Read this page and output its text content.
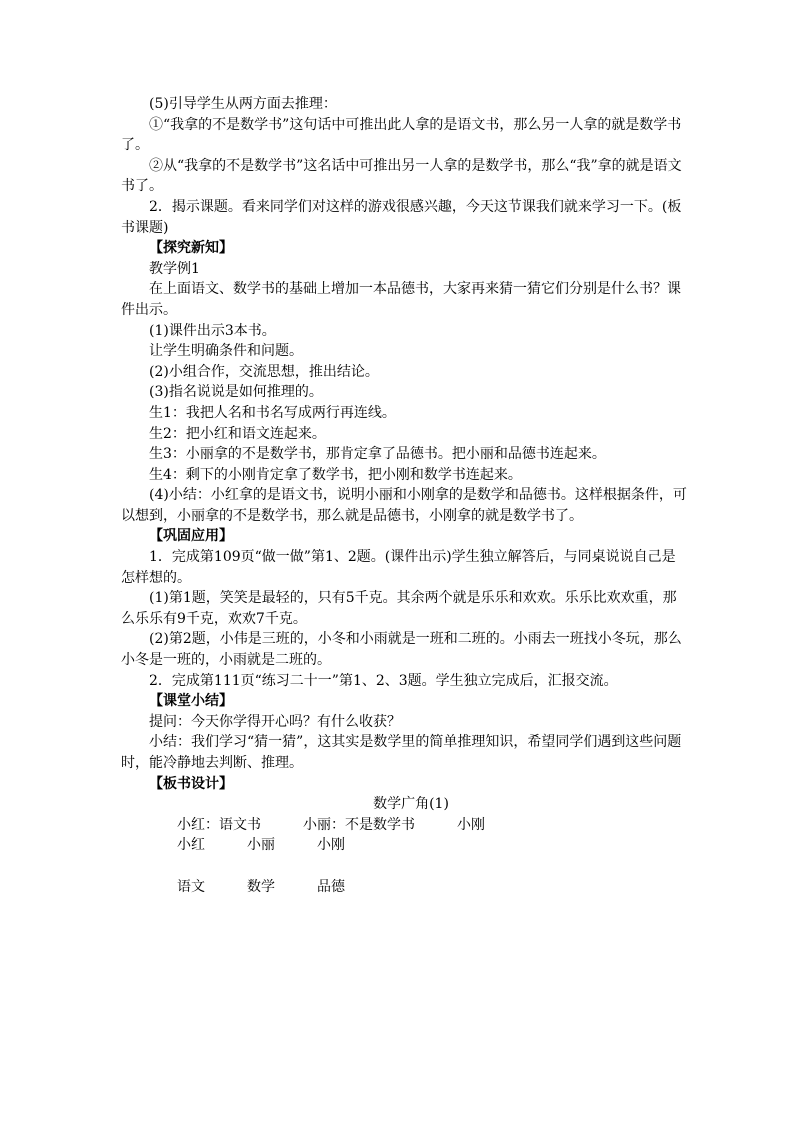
(5)引导学生从两方面去推理：

①“我拿的不是数学书”这句话中可推出此人拿的是语文书，那么另一人拿的就是数学书了。

②从“我拿的不是数学书”这名话中可推出另一人拿的是数学书，那么“我”拿的就是语文书了。

2．揭示课题。看来同学们对这样的游戏很感兴趣，今天这节课我们就来学习一下。(板书课题)

【探究新知】

教学例1

在上面语文、数学书的基础上增加一本品德书，大家再来猜一猜它们分别是什么书？课件出示。

(1)课件出示3本书。

让学生明确条件和问题。

(2)小组合作，交流思想，推出结论。

(3)指名说说是如何推理的。

生1：我把人名和书名写成两行再连线。

生2：把小红和语文连起来。

生3：小丽拿的不是数学书，那肯定拿了品德书。把小丽和品德书连起来。

生4：剩下的小刚肯定拿了数学书，把小刚和数学书连起来。

(4)小结：小红拿的是语文书，说明小丽和小刚拿的是数学和品德书。这样根据条件，可以想到，小丽拿的不是数学书，那么就是品德书，小刚拿的就是数学书了。

【巩固应用】

1．完成第109页“做一做”第1、2题。(课件出示)学生独立解答后，与同桌说说自己是怎样想的。

(1)第1题，笑笑是最轻的，只有5千克。其余两个就是乐乐和欢欢。乐乐比欢欢重，那么乐乐有9千克，欢欢7千克。

(2)第2题，小伟是三班的，小冬和小雨就是一班和二班的。小雨去一班找小冬玩，那么小冬是一班的，小雨就是二班的。

2．完成第111页“练习二十一”第1、2、3题。学生独立完成后，汇报交流。

【课堂小结】

提问：今天你学得开心吗？有什么收获？

小结：我们学习“猜一猜”，这其实是数学里的简单推理知识，希望同学们遇到这些问题时，能冷静地去判断、推理。

【板书设计】

数学广角(1)

小红：语文书	小丽：不是数学书	小刚

小红	小丽	小刚

语文	数学	品德
